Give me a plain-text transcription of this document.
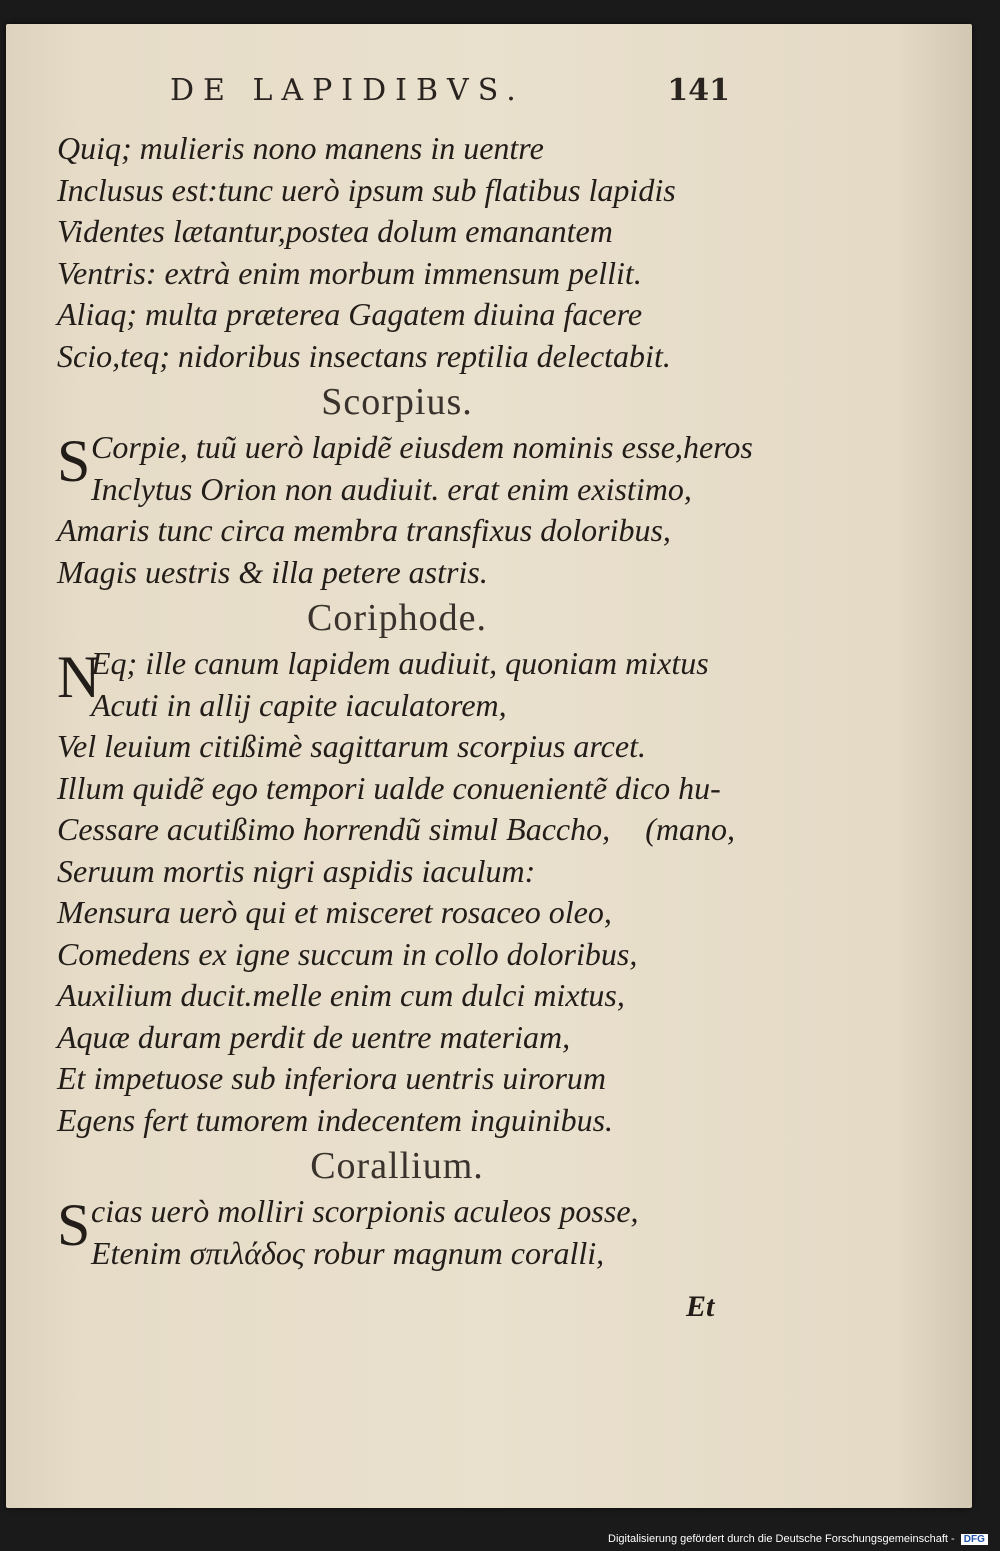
DE LAPIDIBVS.	141
Quiq; mulieris nono manens in uentre
Inclusus est:tunc uerò ipsum sub flatibus lapidis
Videntes lætantur,postea dolum emanantem
Ventris: extrà enim morbum immensum pellit.
Aliaq; multa præterea Gagatem diuina facere
Scio,teq; nidoribus insectans reptilia delectabit.
Scorpius.
S Corpie, tuũ uerò lapidẽ eiusdem nominis esse,heros
Inclytus Orion non audiuit. erat enim existimo,
Amaris tunc circa membra transfixus doloribus,
Magis uestris & illa petere astris.
Coriphode.
N
Eq; ille canum lapidem audiuit, quoniam mixtus
Acuti in allij capite iaculatorem,
Vel leuium citißimè sagittarum scorpius arcet.
Illum quidẽ ego tempori ualde conuenientẽ dico hu-
Cessare acutißimo horrendũ simul Baccho, (mano,
Seruum mortis nigri aspidis iaculum:
Mensura uerò qui et misceret rosaceo oleo,
Comedens ex igne succum in collo doloribus,
Auxilium ducit.melle enim cum dulci mixtus,
Aquæ duram perdit de uentre materiam,
Et impetuose sub inferiora uentris uirorum
Egens fert tumorem indecentem inguinibus.
Corallium.
S cias uerò molliri scorpionis aculeos posse,
Etenim σπιλάδος robur magnum coralli,
Et
Digitalisierung gefördert durch die Deutsche Forschungsgemeinschaft - DFG
